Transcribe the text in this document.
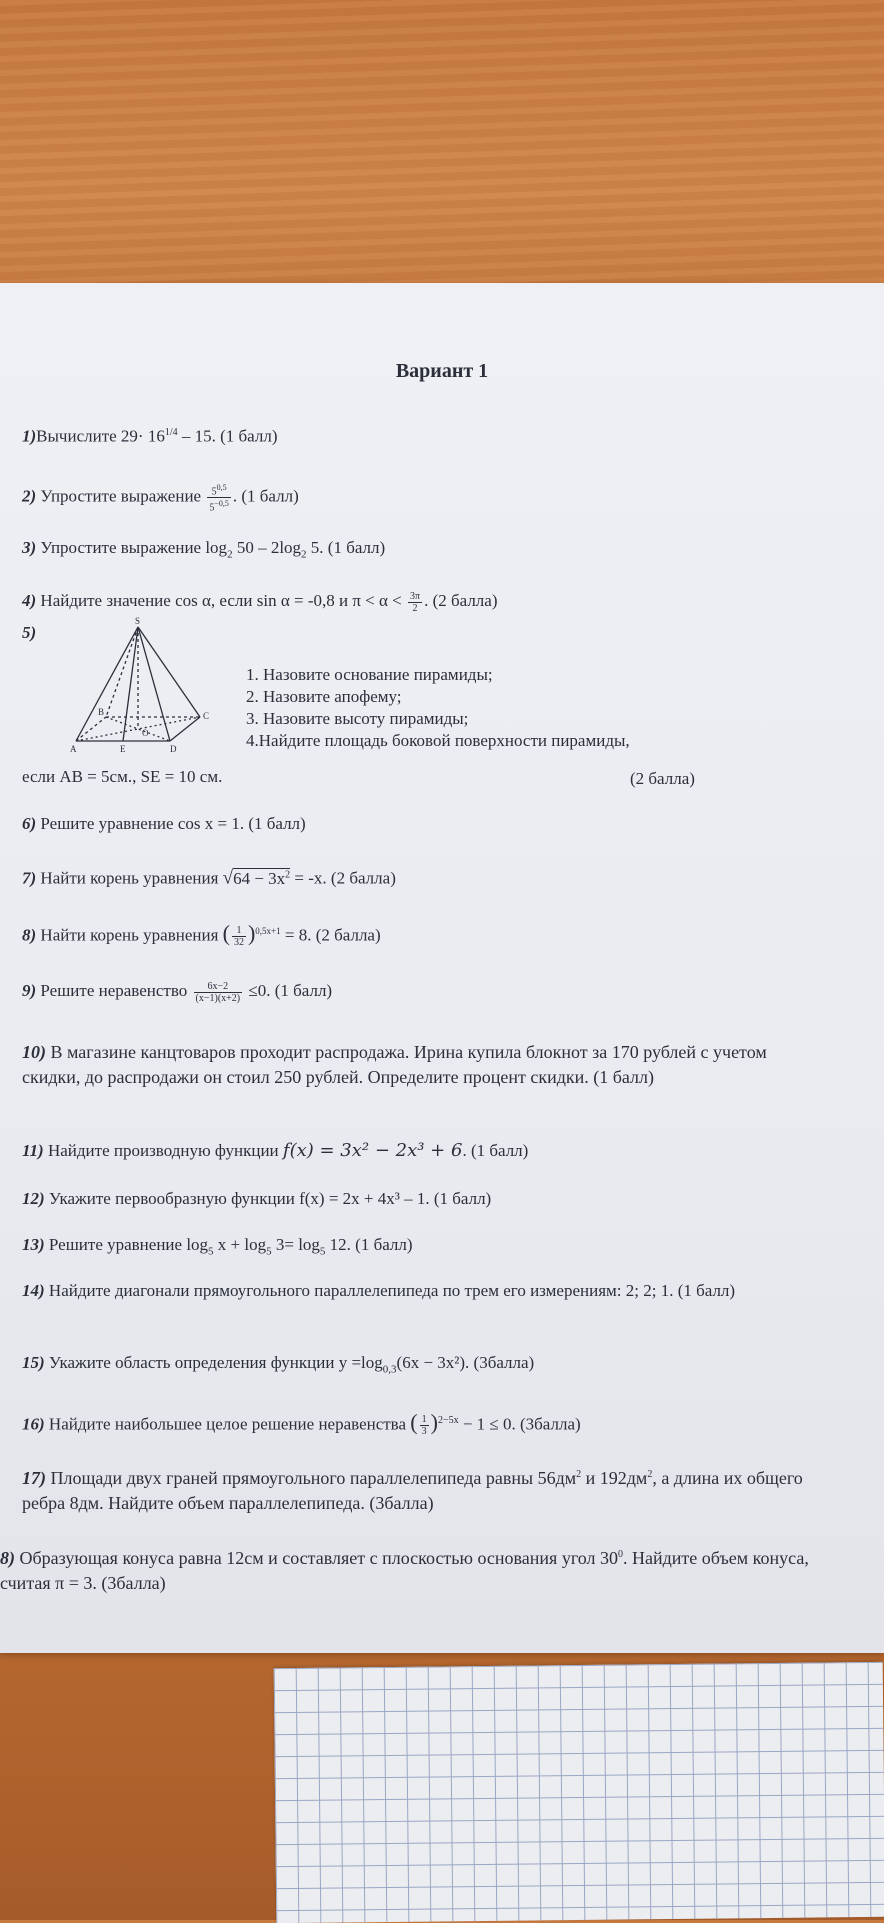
Вариант 1
1)Вычислите $29\cdot 16^{1/4} - 15$. (1 балл)
2) Упростите выражение $\frac{5^{0,5}}{5^{-0,5}}$ . (1 балл)
3) Упростите выражение $\log_2 50 - 2\log_2$ 5. (1 балл)
4) Найдите значение cos α, если sin α = -0,8 и $\pi < \alpha < \frac{3\pi}{2}$ . (2 балла)
5)
S
A
B	C
D
E
O
1. Назовите основание пирамиды;
2. Назовите апофему;
3. Назовите высоту пирамиды;
4.Найдите площадь боковой поверхности пирамиды,
если АВ = 5см., SЕ = 10 см.	(2 балла)
6) Решите уравнение cos x = 1. (1 балл)
7) Найти корень уравнения $√64 - 3x^2 = -x$. (2 балла)
8) Найти корень уравнения ( $\frac{1}{32} )^{0,5x+1} = 8$. (2 балла)
9) Решите неравенство $\frac{6x-2}{(x-1)(x+2)} \le 0$. (1 балл)
10) В магазине канцтоваров проходит распродажа. Ирина купила блокнот за 170 рублей с учетом скидки, до распродажи он стоил 250 рублей. Определите процент скидки. (1 балл)
11) Найдите производную функции f(x) = 3x² − 2x³ + 6. (1 балл)
12) Укажите первообразную функции f(x) = 2x + 4x³ – 1. (1 балл)
13) Решите уравнение $\log_5 x + \log_5 3= \log_5 12$. (1 балл)
14) Найдите диагонали прямоугольного параллелепипеда по трем его измерениям: 2; 2; 1. (1 балл)
15) Укажите область определения функции $y =\log_{0,3}(6x - 3x^2)$. (3балла)
16) Найдите наибольшее целое решение неравенства ( $\frac{1}{3} )^{2-5x} - 1 \le 0$. (3балла)
17) Площади двух граней прямоугольного параллелепипеда равны $56дм^2$ и $192дм^2$, а длина их общего ребра 8дм. Найдите объем параллелепипеда. (3балла)
8) Образующая конуса равна 12см и составляет с плоскостью основания угол $30^0$. Найдите объем конуса, считая π = 3. (3балла)
